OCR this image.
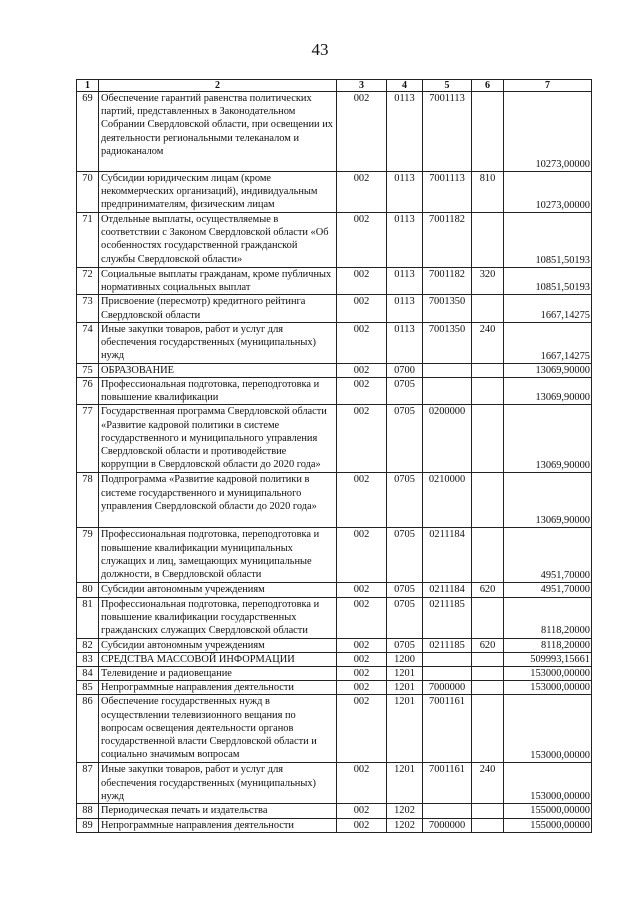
43
1	2	3	4	5	6	7
69	Обеспечение гарантий равенства политических партий, представленных в Законодательном Собрании Свердловской области, при освещении их деятельности региональными телеканалом и радиоканалом	002	0113	7001113		10273,00000
70	Субсидии юридическим лицам (кроме некоммерческих организаций), индивидуальным предпринимателям, физическим лицам	002	0113	7001113	810	10273,00000
71	Отдельные выплаты, осуществляемые в соответствии с Законом Свердловской области «Об особенностях государственной гражданской службы Свердловской области»	002	0113	7001182		10851,50193
72	Социальные выплаты гражданам, кроме публичных нормативных социальных выплат	002	0113	7001182	320	10851,50193
73	Присвоение (пересмотр) кредитного рейтинга Свердловской области	002	0113	7001350		1667,14275
74	Иные закупки товаров, работ и услуг для обеспечения государственных (муниципальных) нужд	002	0113	7001350	240	1667,14275
75	ОБРАЗОВАНИЕ	002	0700			13069,90000
76	Профессиональная подготовка, переподготовка и повышение квалификации	002	0705			13069,90000
77	Государственная программа Свердловской области «Развитие кадровой политики в системе государственного и муниципального управления Свердловской области и противодействие коррупции в Свердловской области до 2020 года»	002	0705	0200000		13069,90000
78	Подпрограмма «Развитие кадровой политики в системе государственного и муниципального управления Свердловской области до 2020 года»	002	0705	0210000		13069,90000
79	Профессиональная подготовка, переподготовка и повышение квалификации муниципальных служащих и лиц, замещающих муниципальные должности, в Свердловской области	002	0705	0211184		4951,70000
80	Субсидии автономным учреждениям	002	0705	0211184	620	4951,70000
81	Профессиональная подготовка, переподготовка и повышение квалификации государственных гражданских служащих Свердловской области	002	0705	0211185		8118,20000
82	Субсидии автономным учреждениям	002	0705	0211185	620	8118,20000
83	СРЕДСТВА МАССОВОЙ ИНФОРМАЦИИ	002	1200			509993,15661
84	Телевидение и радиовещание	002	1201			153000,00000
85	Непрограммные направления деятельности	002	1201	7000000		153000,00000
86	Обеспечение государственных нужд в осуществлении телевизионного вещания по вопросам освещения деятельности органов государственной власти Свердловской области и социально значимым вопросам	002	1201	7001161		153000,00000
87	Иные закупки товаров, работ и услуг для обеспечения государственных (муниципальных) нужд	002	1201	7001161	240	153000,00000
88	Периодическая печать и издательства	002	1202			155000,00000
89	Непрограммные направления деятельности	002	1202	7000000		155000,00000
